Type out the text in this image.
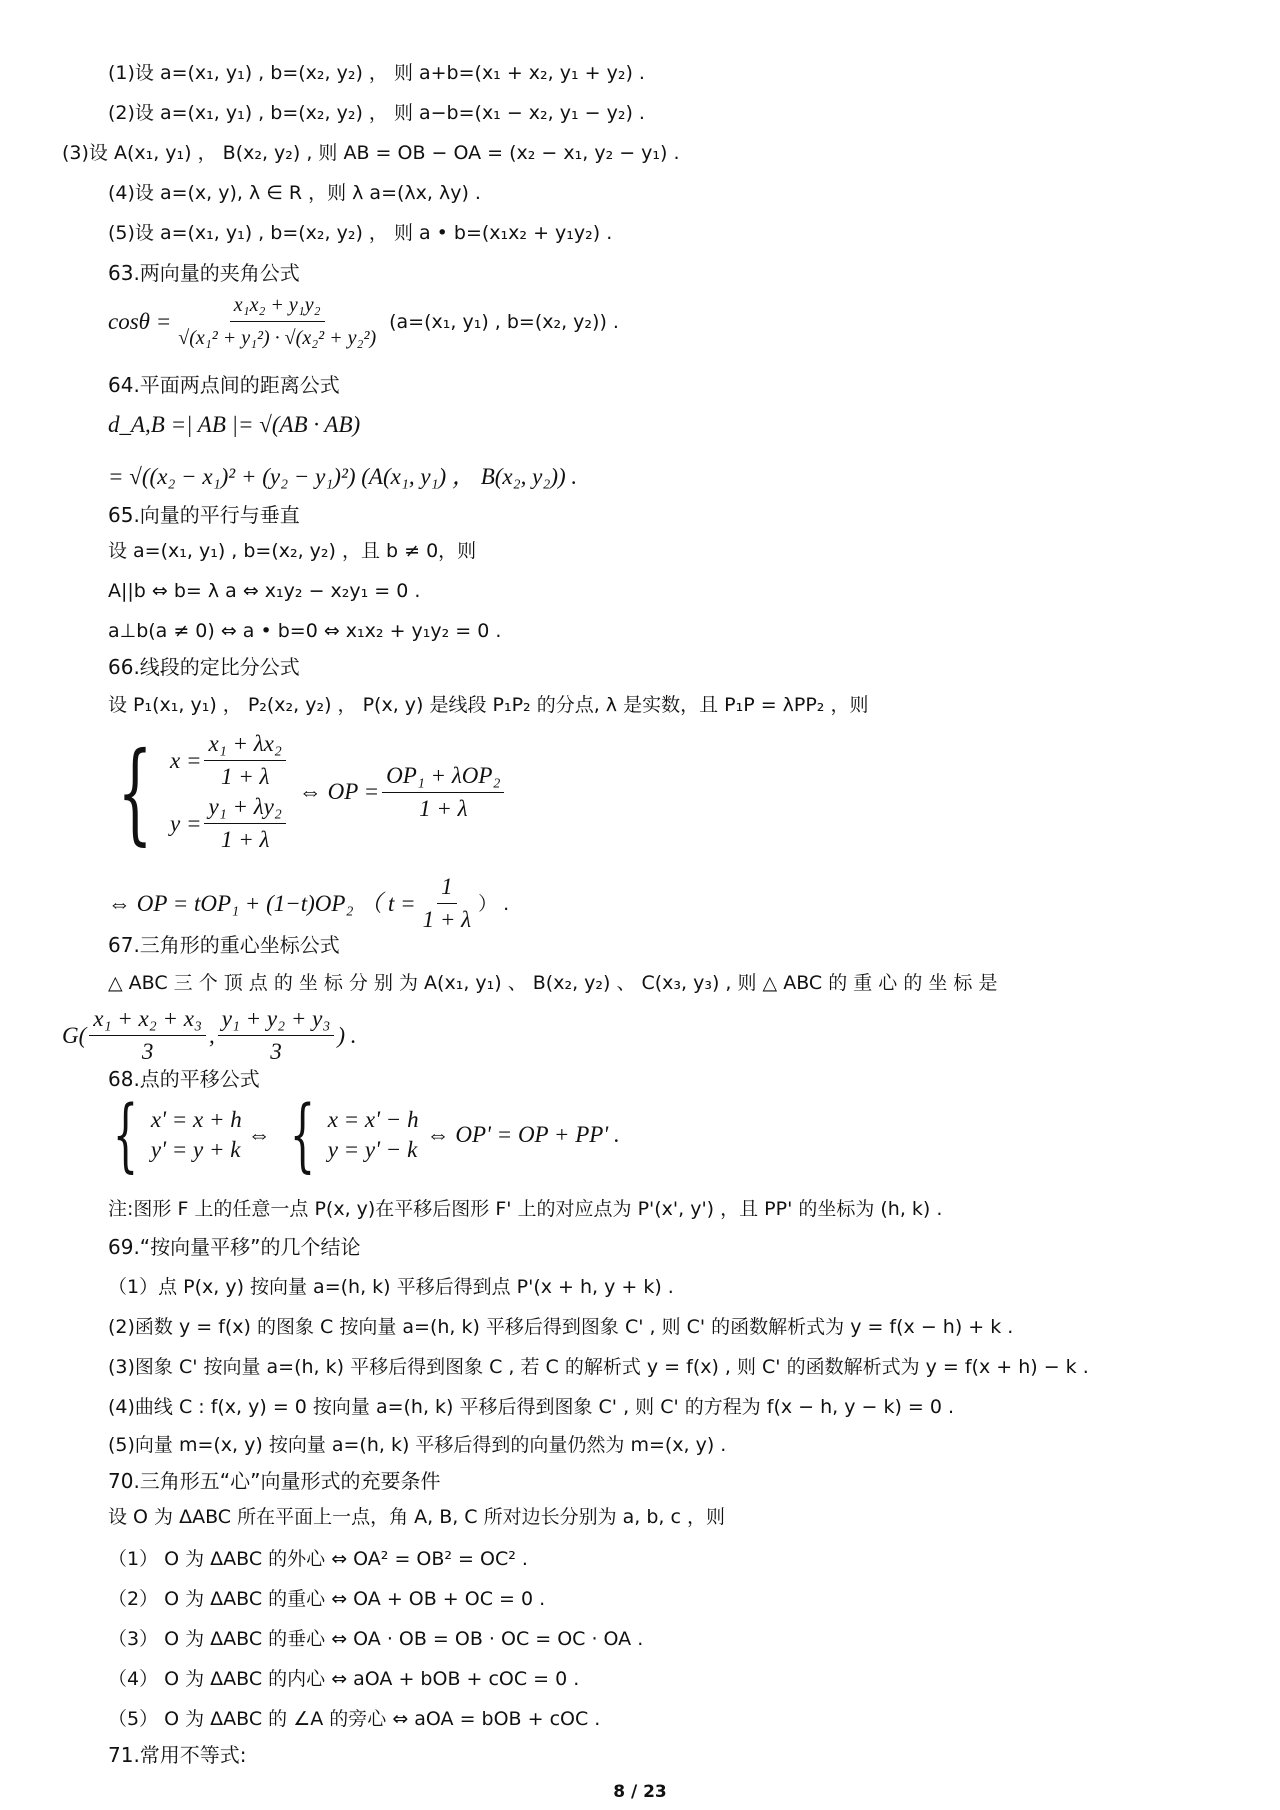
(1)设 a=(x₁, y₁) , b=(x₂, y₂) ， 则 a+b=(x₁ + x₂, y₁ + y₂) .
(2)设 a=(x₁, y₁) , b=(x₂, y₂) ， 则 a−b=(x₁ − x₂, y₁ − y₂) .
(3)设 A(x₁, y₁) ， B(x₂, y₂) , 则 AB = OB − OA = (x₂ − x₁, y₂ − y₁) .
(4)设 a=(x, y), λ ∈ R ，则 λ a=(λx, λy) .
(5)设 a=(x₁, y₁) , b=(x₂, y₂) ， 则 a • b=(x₁x₂ + y₁y₂) .
63.两向量的夹角公式
$\cos\theta = \frac{\text{x₁x₂ + y₁y₂}}{\text{√(x₁² + y₁²) · √(x₂² + y₂²)}} (a=(x_1$, y₁) , b=(x₂, y₂)) .
64.平面两点间的距离公式
d_A,B =| AB |= √(AB · AB)
= √((x₂ − x₁)² + (y₂ − y₁)²) (A(x₁, y₁) ， B(x₂, y₂)) .
65.向量的平行与垂直
设 a=(x₁, y₁) , b=(x₂, y₂) ，且 b ≠ 0，则
A||b ⇔ b= λ a ⇔ x₁y₂ − x₂y₁ = 0 .
a⊥b(a ≠ 0) ⇔ a • b=0 ⇔ x₁x₂ + y₁y₂ = 0 .
66.线段的定比分公式
设 P₁(x₁, y₁) ， P₂(x₂, y₂) ， P(x, y) 是线段 P₁P₂ 的分点, λ 是实数，且 P₁P = λPP₂ ，则
{ $x = \frac{\text{x₁ + λx₂}}{1 + \lambda}$
$y = \frac{\text{y₁ + λy₂}}{1 + \lambda}$
⇔ OP = $\frac{\text{OP₁ + λOP₂}}{1 + \lambda}$
⇔ OP = tOP₁ + (1−t)OP₂ （ $t = \frac{1}{1 + \lambda}$ ） .
67.三角形的重心坐标公式
△ ABC 三 个 顶 点 的 坐 标 分 别 为 A(x₁, y₁) 、 B(x₂, y₂) 、 C(x₃, y₃) , 则 △ ABC 的 重 心 的 坐 标 是
$G( \frac{\text{x₁ + x₂ + x₃}}{3}$ , $\frac{\text{y₁ + y₂ + y₃}}{3}$ ) .
68.点的平移公式
{ x' = x + h
y' = y + k
⇔ { x = x' − h
y = y' − k
⇔ OP' = OP + PP' .
注:图形 F 上的任意一点 P(x, y)在平移后图形 F' 上的对应点为 P'(x', y') ，且 PP' 的坐标为 (h, k) .
69.“按向量平移”的几个结论
（1）点 P(x, y) 按向量 a=(h, k) 平移后得到点 P'(x + h, y + k) .
(2)函数 y = f(x) 的图象 C 按向量 a=(h, k) 平移后得到图象 C' , 则 C' 的函数解析式为 y = f(x − h) + k .
(3)图象 C' 按向量 a=(h, k) 平移后得到图象 C , 若 C 的解析式 y = f(x) , 则 C' 的函数解析式为 y = f(x + h) − k .
(4)曲线 C : f(x, y) = 0 按向量 a=(h, k) 平移后得到图象 C' , 则 C' 的方程为 f(x − h, y − k) = 0 .
(5)向量 m=(x, y) 按向量 a=(h, k) 平移后得到的向量仍然为 m=(x, y) .
70.三角形五“心”向量形式的充要条件
设 O 为 ΔABC 所在平面上一点，角 A, B, C 所对边长分别为 a, b, c ，则
（1） O 为 ΔABC 的外心 ⇔ OA² = OB² = OC² .
（2） O 为 ΔABC 的重心 ⇔ OA + OB + OC = 0 .
（3） O 为 ΔABC 的垂心 ⇔ OA · OB = OB · OC = OC · OA .
（4） O 为 ΔABC 的内心 ⇔ aOA + bOB + cOC = 0 .
（5） O 为 ΔABC 的 ∠A 的旁心 ⇔ aOA = bOB + cOC .
71.常用不等式:
8 / 23
